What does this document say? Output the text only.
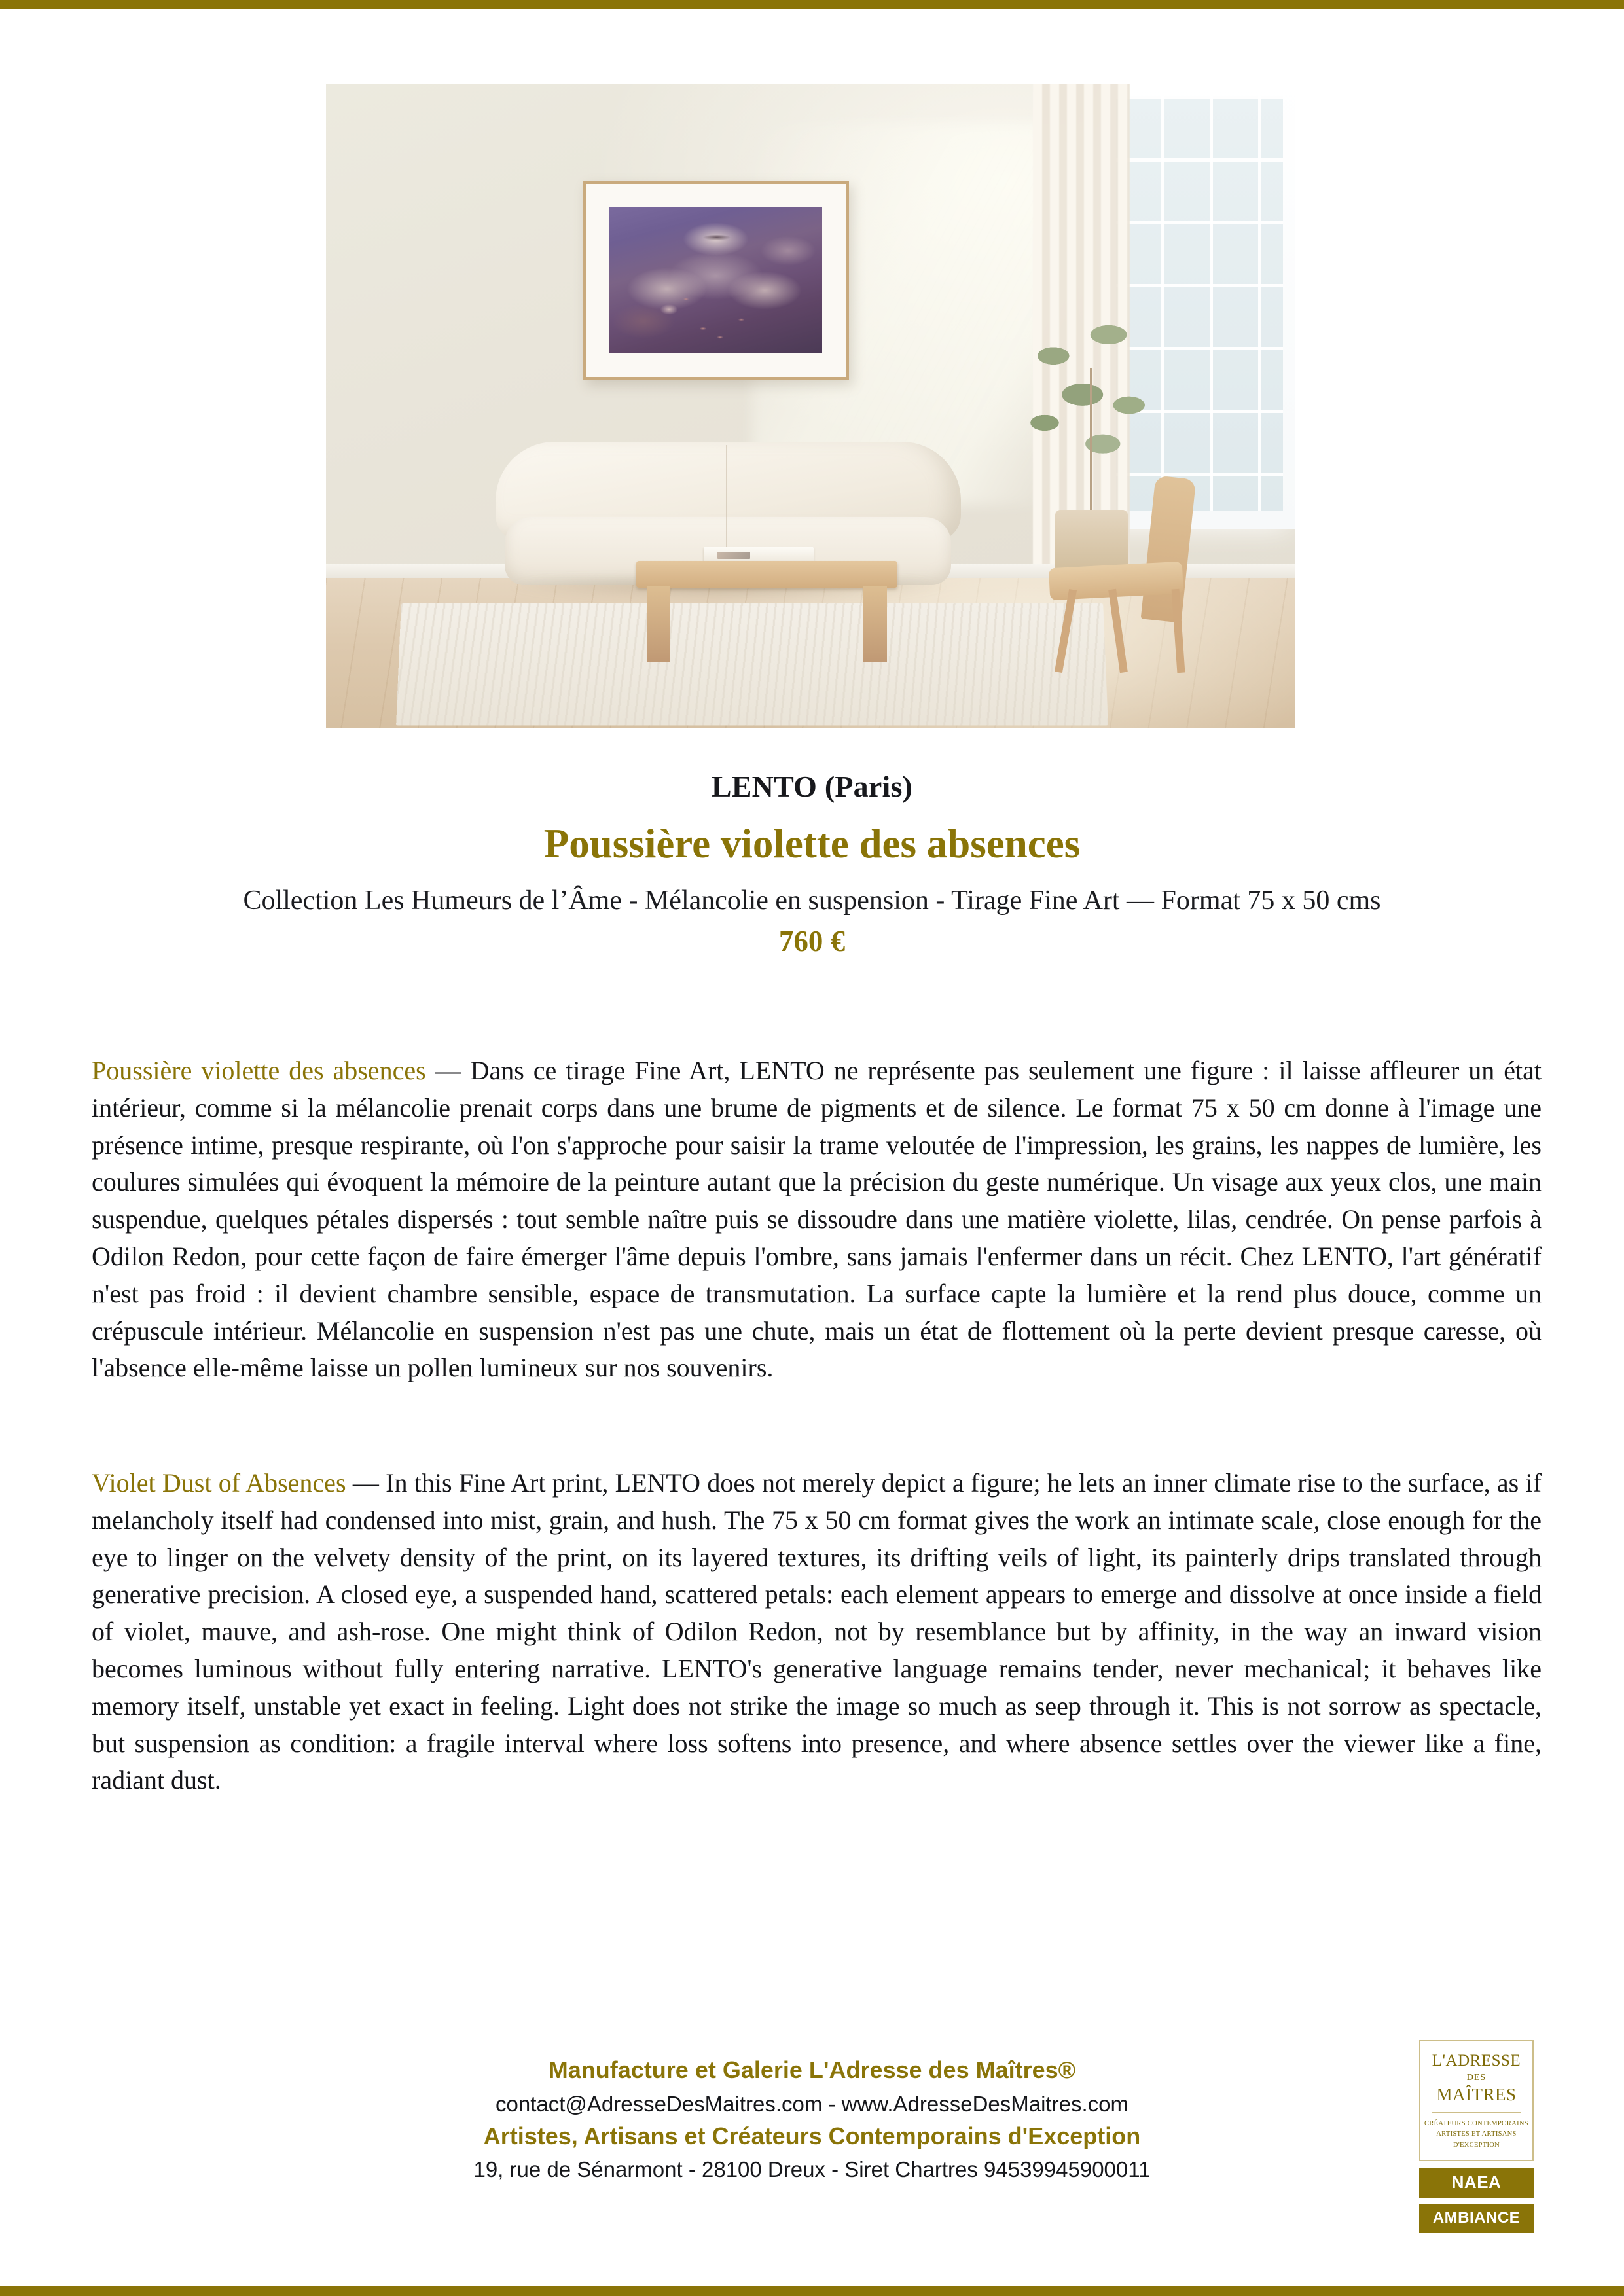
LENTO (Paris)
Poussière violette des absences
Collection Les Humeurs de l’Âme - Mélancolie en suspension - Tirage Fine Art — Format 75 x 50 cms
760 €
Poussière violette des absences — Dans ce tirage Fine Art, LENTO ne représente pas seulement une figure : il laisse affleurer un état intérieur, comme si la mélancolie prenait corps dans une brume de pigments et de silence. Le format 75 x 50 cm donne à l'image une présence intime, presque respirante, où l'on s'approche pour saisir la trame veloutée de l'impression, les grains, les nappes de lumière, les coulures simulées qui évoquent la mémoire de la peinture autant que la précision du geste numérique. Un visage aux yeux clos, une main suspendue, quelques pétales dispersés : tout semble naître puis se dissoudre dans une matière violette, lilas, cendrée. On pense parfois à Odilon Redon, pour cette façon de faire émerger l'âme depuis l'ombre, sans jamais l'enfermer dans un récit. Chez LENTO, l'art génératif n'est pas froid : il devient chambre sensible, espace de transmutation. La surface capte la lumière et la rend plus douce, comme un crépuscule intérieur. Mélancolie en suspension n'est pas une chute, mais un état de flottement où la perte devient presque caresse, où l'absence elle-même laisse un pollen lumineux sur nos souvenirs.
Violet Dust of Absences — In this Fine Art print, LENTO does not merely depict a figure; he lets an inner climate rise to the surface, as if melancholy itself had condensed into mist, grain, and hush. The 75 x 50 cm format gives the work an intimate scale, close enough for the eye to linger on the velvety density of the print, on its layered textures, its drifting veils of light, its painterly drips translated through generative precision. A closed eye, a suspended hand, scattered petals: each element appears to emerge and dissolve at once inside a field of violet, mauve, and ash-rose. One might think of Odilon Redon, not by resemblance but by affinity, in the way an inward vision becomes luminous without fully entering narrative. LENTO's generative language remains tender, never mechanical; it behaves like memory itself, unstable yet exact in feeling. Light does not strike the image so much as seep through it. This is not sorrow as spectacle, but suspension as condition: a fragile interval where loss softens into presence, and where absence settles over the viewer like a fine, radiant dust.
Manufacture et Galerie L'Adresse des Maîtres®
contact@AdresseDesMaitres.com - www.AdresseDesMaitres.com
Artistes, Artisans et Créateurs Contemporains d'Exception
19, rue de Sénarmont - 28100 Dreux - Siret Chartres 94539945900011
L'ADRESSE
DES
MAÎTRES
CRÉATEURS CONTEMPORAINS
ARTISTES ET ARTISANS
D'EXCEPTION
NAEA
AMBIANCE
